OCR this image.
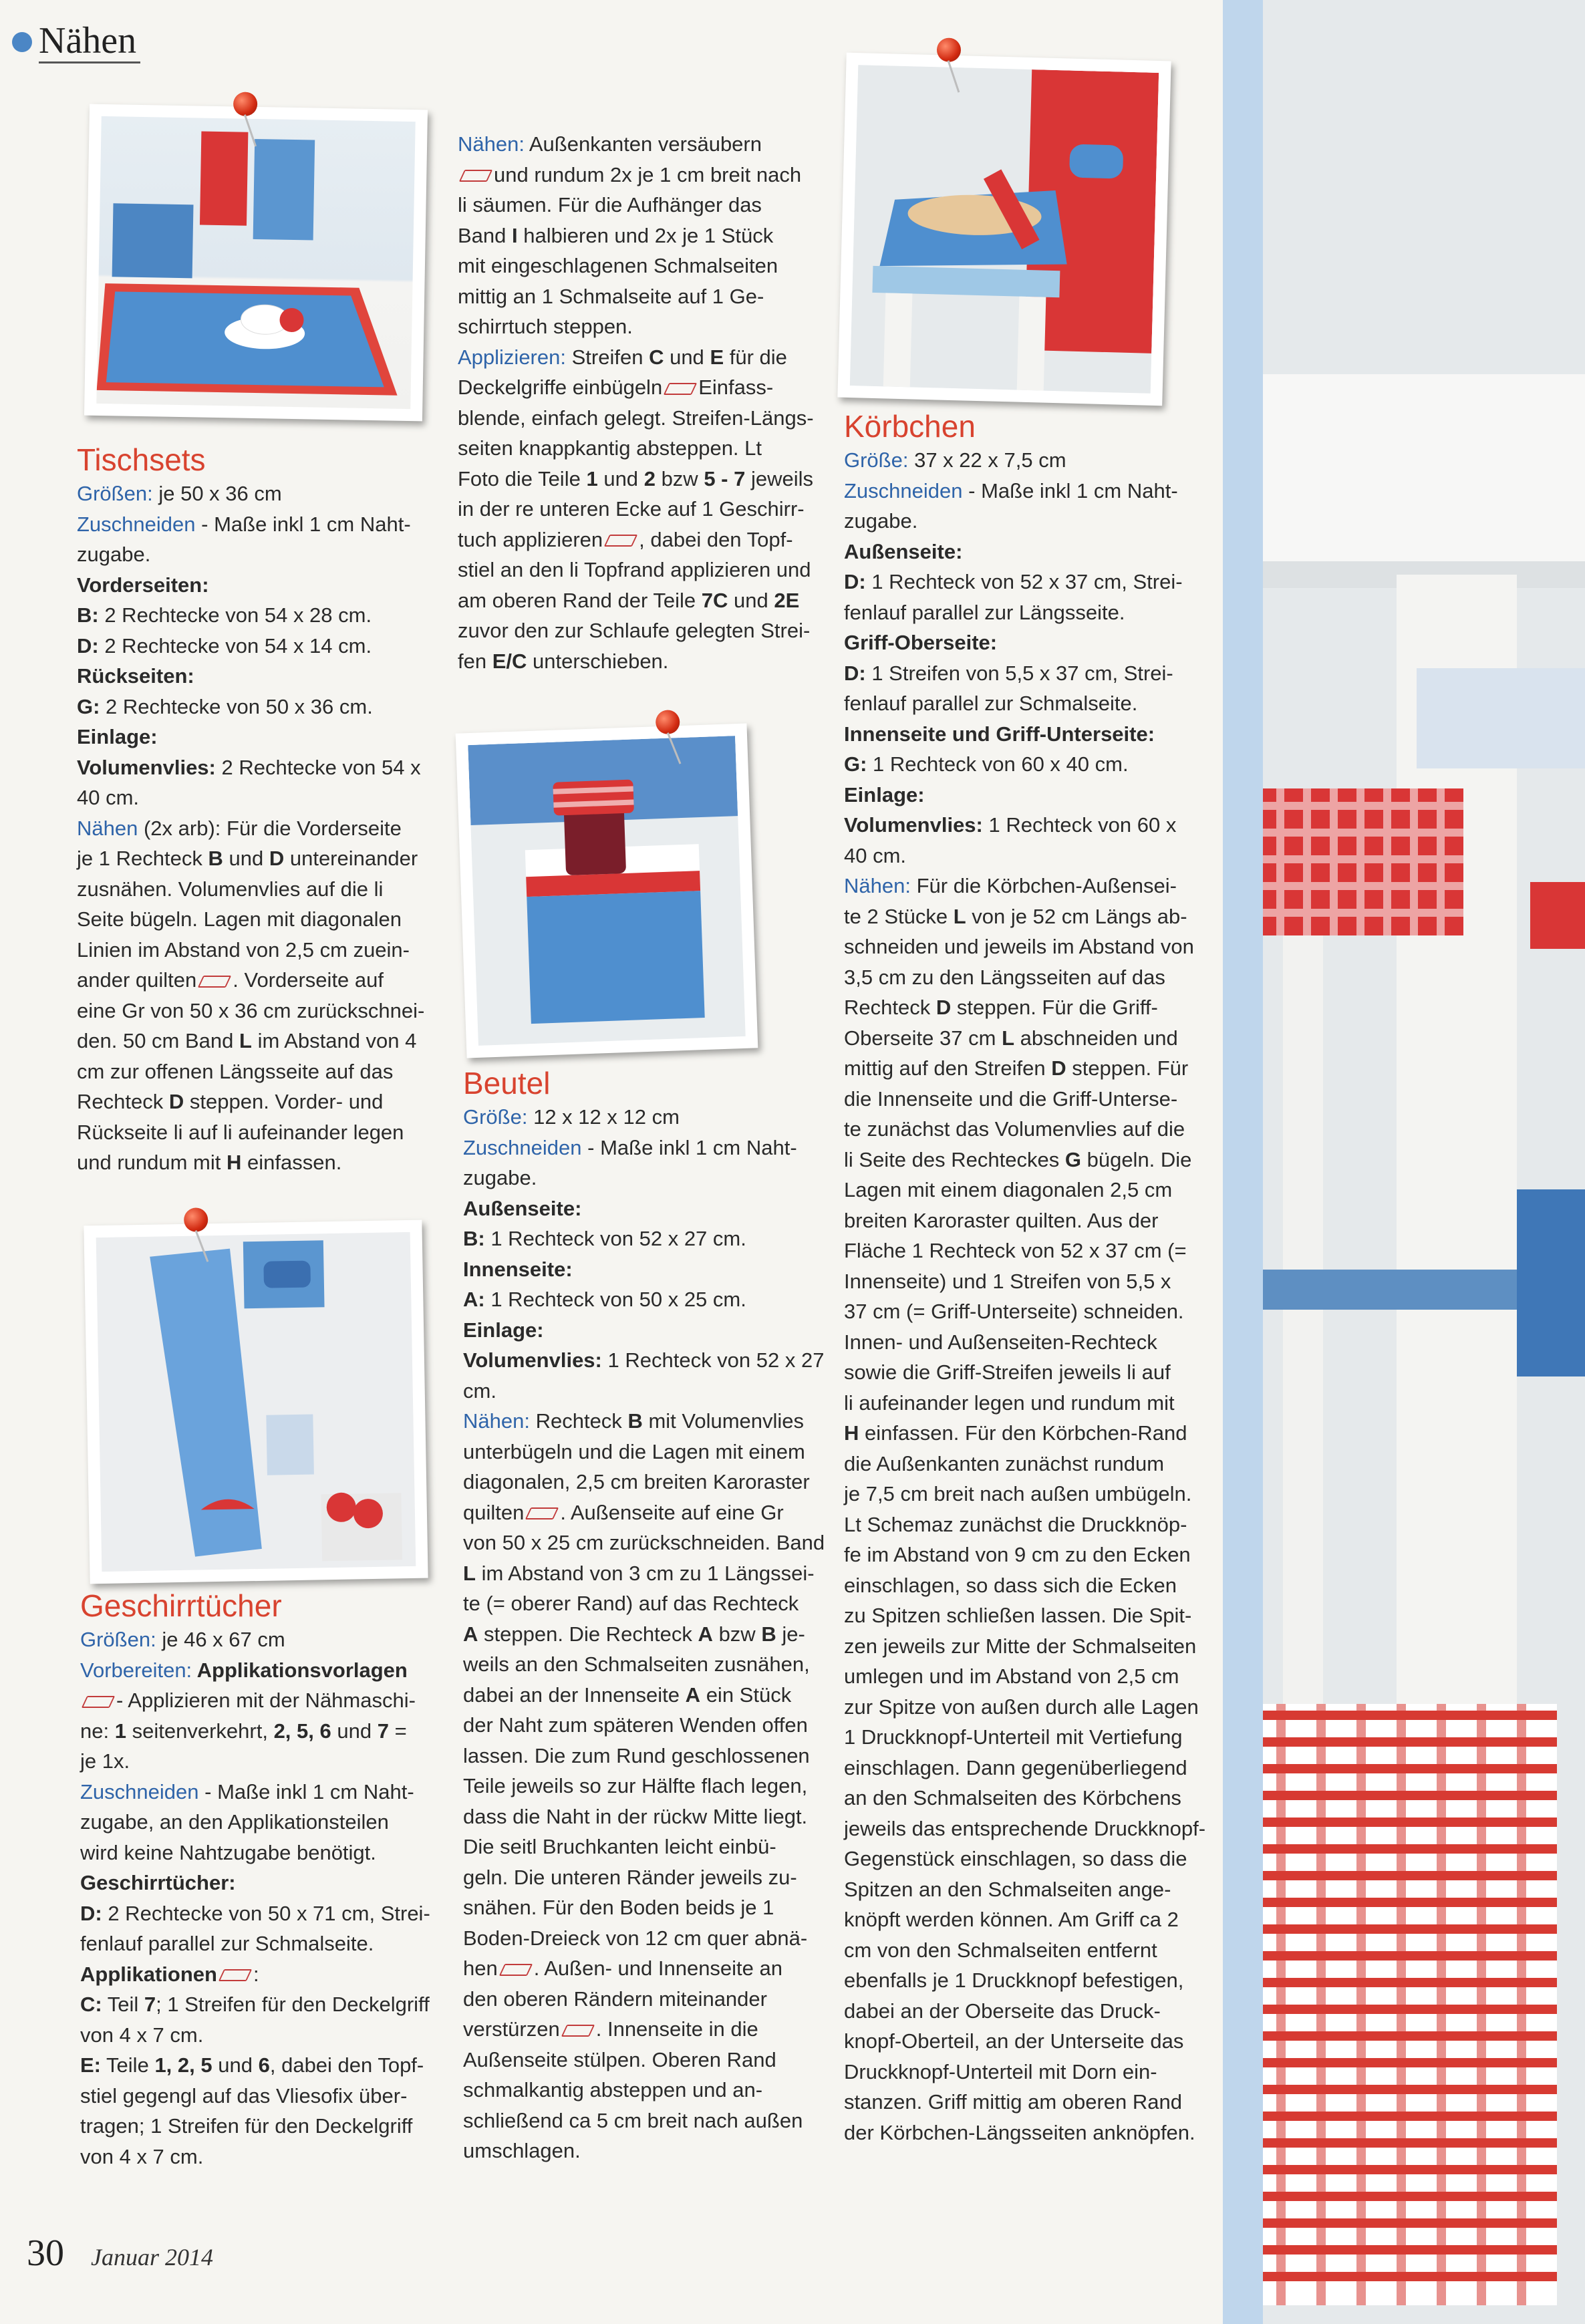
Nähen

Tischsets

Größen: je 50 x 36 cm

Zuschneiden - Maße inkl 1 cm Naht-

zugabe.

Vorderseiten:

B: 2 Rechtecke von 54 x 28 cm.

D: 2 Rechtecke von 54 x 14 cm.

Rückseiten:

G: 2 Rechtecke von 50 x 36 cm.

Einlage:

Volumenvlies: 2 Rechtecke von 54 x

40 cm.

Nähen (2x arb): Für die Vorderseite

je 1 Rechteck B und D untereinander

zusnähen. Volumenvlies auf die li

Seite bügeln. Lagen mit diagonalen

Linien im Abstand von 2,5 cm zuein-

ander quilten . Vorderseite auf

eine Gr von 50 x 36 cm zurückschnei-

den. 50 cm Band L im Abstand von 4

cm zur offenen Längsseite auf das

Rechteck D steppen. Vorder- und

Rückseite li auf li aufeinander legen

und rundum mit H einfassen.

Geschirrtücher

Größen: je 46 x 67 cm

Vorbereiten: Applikationsvorlagen

- Applizieren mit der Nähmaschi-

ne: 1 seitenverkehrt, 2, 5, 6 und 7 =

je 1x.

Zuschneiden - Maße inkl 1 cm Naht-

zugabe, an den Applikationsteilen

wird keine Nahtzugabe benötigt.

Geschirrtücher:

D: 2 Rechtecke von 50 x 71 cm, Strei-

fenlauf parallel zur Schmalseite.

Applikationen :

C: Teil 7; 1 Streifen für den Deckelgriff

von 4 x 7 cm.

E: Teile 1, 2, 5 und 6, dabei den Topf-

stiel gegengl auf das Vliesofix über-

tragen; 1 Streifen für den Deckelgriff

von 4 x 7 cm.

Nähen: Außenkanten versäubern

und rundum 2x je 1 cm breit nach

li säumen. Für die Aufhänger das

Band I halbieren und 2x je 1 Stück

mit eingeschlagenen Schmalseiten

mittig an 1 Schmalseite auf 1 Ge-

schirrtuch steppen.

Applizieren: Streifen C und E für die

Deckelgriffe einbügeln Einfass-

blende, einfach gelegt. Streifen-Längs-

seiten knappkantig absteppen. Lt

Foto die Teile 1 und 2 bzw 5 - 7 jeweils

in der re unteren Ecke auf 1 Geschirr-

tuch applizieren , dabei den Topf-

stiel an den li Topfrand applizieren und

am oberen Rand der Teile 7C und 2E

zuvor den zur Schlaufe gelegten Strei-

fen E/C unterschieben.

Beutel

Größe: 12 x 12 x 12 cm

Zuschneiden - Maße inkl 1 cm Naht-

zugabe.

Außenseite:

B: 1 Rechteck von 52 x 27 cm.

Innenseite:

A: 1 Rechteck von 50 x 25 cm.

Einlage:

Volumenvlies: 1 Rechteck von 52 x 27

cm.

Nähen: Rechteck B mit Volumenvlies

unterbügeln und die Lagen mit einem

diagonalen, 2,5 cm breiten Karoraster

quilten . Außenseite auf eine Gr

von 50 x 25 cm zurückschneiden. Band

L im Abstand von 3 cm zu 1 Längssei-

te (= oberer Rand) auf das Rechteck

A steppen. Die Rechteck A bzw B je-

weils an den Schmalseiten zusnähen,

dabei an der Innenseite A ein Stück

der Naht zum späteren Wenden offen

lassen. Die zum Rund geschlossenen

Teile jeweils so zur Hälfte flach legen,

dass die Naht in der rückw Mitte liegt.

Die seitl Bruchkanten leicht einbü-

geln. Die unteren Ränder jeweils zu-

snähen. Für den Boden beids je 1

Boden-Dreieck von 12 cm quer abnä-

hen . Außen- und Innenseite an

den oberen Rändern miteinander

verstürzen . Innenseite in die

Außenseite stülpen. Oberen Rand

schmalkantig absteppen und an-

schließend ca 5 cm breit nach außen

umschlagen.

Körbchen

Größe: 37 x 22 x 7,5 cm

Zuschneiden - Maße inkl 1 cm Naht-

zugabe.

Außenseite:

D: 1 Rechteck von 52 x 37 cm, Strei-

fenlauf parallel zur Längsseite.

Griff-Oberseite:

D: 1 Streifen von 5,5 x 37 cm, Strei-

fenlauf parallel zur Schmalseite.

Innenseite und Griff-Unterseite:

G: 1 Rechteck von 60 x 40 cm.

Einlage:

Volumenvlies: 1 Rechteck von 60 x

40 cm.

Nähen: Für die Körbchen-Außensei-

te 2 Stücke L von je 52 cm Längs ab-

schneiden und jeweils im Abstand von

3,5 cm zu den Längsseiten auf das

Rechteck D steppen. Für die Griff-

Oberseite 37 cm L abschneiden und

mittig auf den Streifen D steppen. Für

die Innenseite und die Griff-Unterse-

te zunächst das Volumenvlies auf die

li Seite des Rechteckes G bügeln. Die

Lagen mit einem diagonalen 2,5 cm

breiten Karoraster quilten. Aus der

Fläche 1 Rechteck von 52 x 37 cm (=

Innenseite) und 1 Streifen von 5,5 x

37 cm (= Griff-Unterseite) schneiden.

Innen- und Außenseiten-Rechteck

sowie die Griff-Streifen jeweils li auf

li aufeinander legen und rundum mit

H einfassen. Für den Körbchen-Rand

die Außenkanten zunächst rundum

je 7,5 cm breit nach außen umbügeln.

Lt Schemaz zunächst die Druckknöp-

fe im Abstand von 9 cm zu den Ecken

einschlagen, so dass sich die Ecken

zu Spitzen schließen lassen. Die Spit-

zen jeweils zur Mitte der Schmalseiten

umlegen und im Abstand von 2,5 cm

zur Spitze von außen durch alle Lagen

1 Druckknopf-Unterteil mit Vertiefung

einschlagen. Dann gegenüberliegend

an den Schmalseiten des Körbchens

jeweils das entsprechende Druckknopf-

Gegenstück einschlagen, so dass die

Spitzen an den Schmalseiten ange-

knöpft werden können. Am Griff ca 2

cm von den Schmalseiten entfernt

ebenfalls je 1 Druckknopf befestigen,

dabei an der Oberseite das Druck-

knopf-Oberteil, an der Unterseite das

Druckknopf-Unterteil mit Dorn ein-

stanzen. Griff mittig am oberen Rand

der Körbchen-Längsseiten anknöpfen.

30 Januar 2014
